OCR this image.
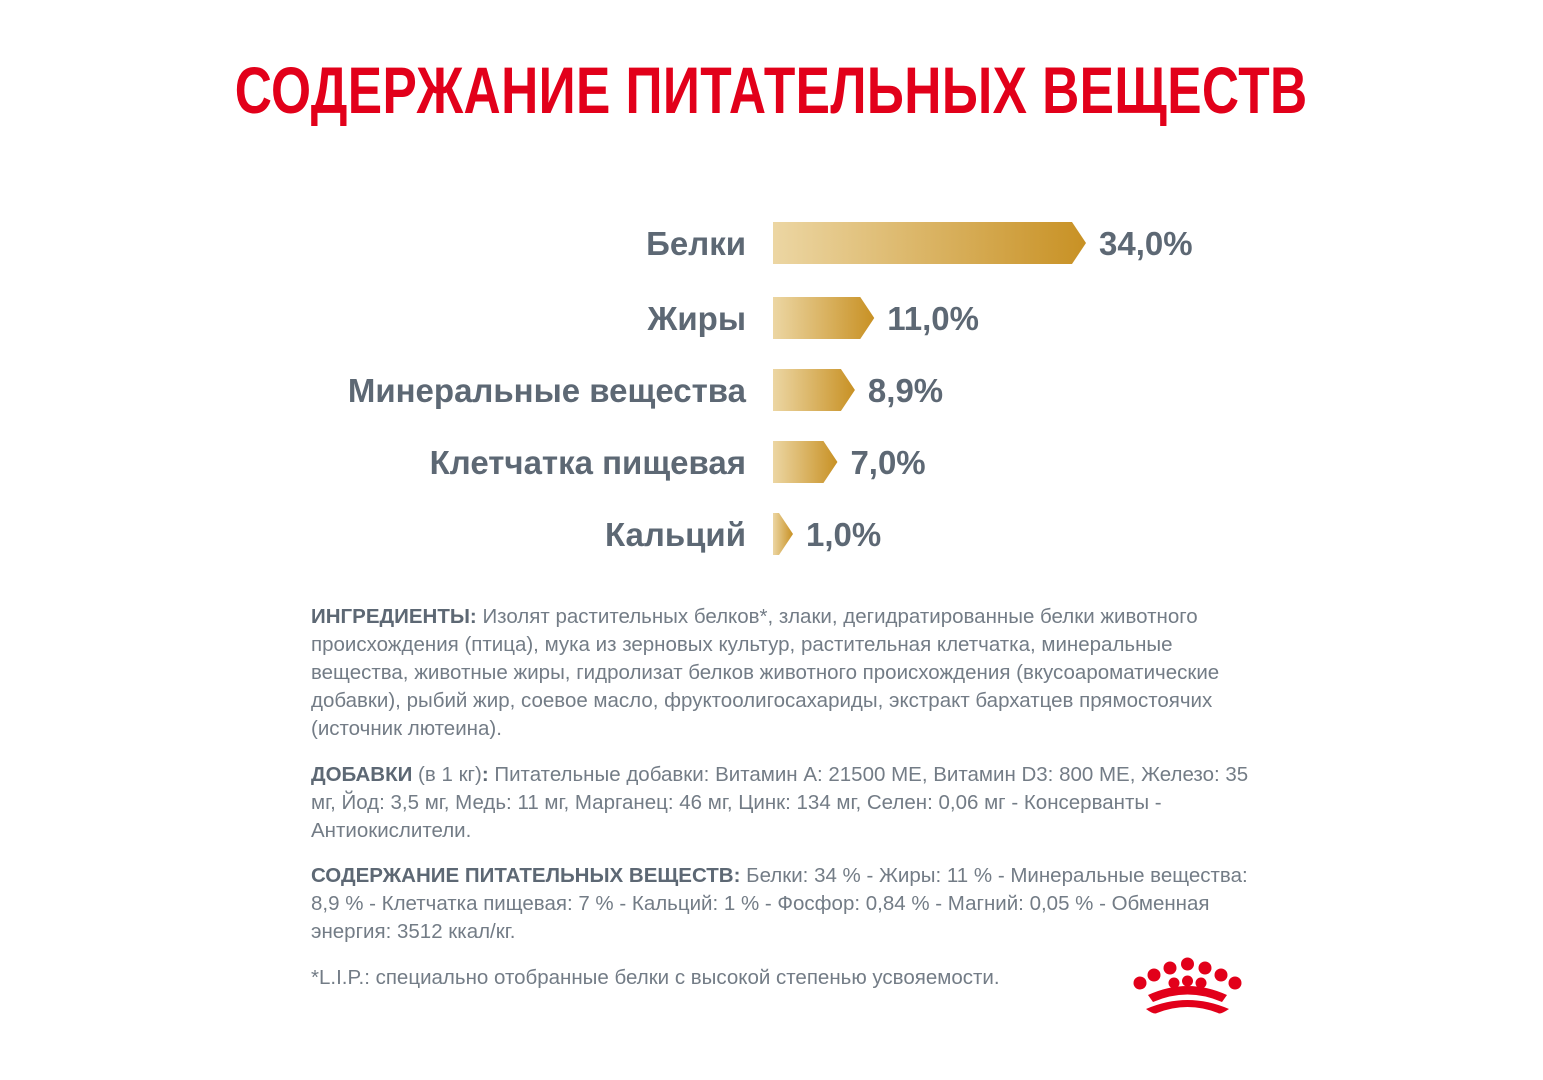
СОДЕРЖАНИЕ ПИТАТЕЛЬНЫХ ВЕЩЕСТВ
Белки	34,0%
Жиры	11,0%
Минеральные вещества	8,9%
Клетчатка пищевая	7,0%
Кальций 1,0%
ИНГРЕДИЕНТЫ: Изолят растительных белков*, злаки, дегидратированные белки животного происхождения (птица), мука из зерновых культур, растительная клетчатка, минеральные вещества, животные жиры, гидролизат белков животного происхождения (вкусоароматические добавки), рыбий жир, соевое масло, фруктоолигосахариды, экстракт бархатцев прямостоячих (источник лютеина).
ДОБАВКИ (в 1 кг): Питательные добавки: Витамин А: 21500 МЕ, Витамин D3: 800 МЕ, Железо: 35 мг, Йод: 3,5 мг, Медь: 11 мг, Марганец: 46 мг, Цинк: 134 мг, Селен: 0,06 мг - Консерванты - Антиокислители.
СОДЕРЖАНИЕ ПИТАТЕЛЬНЫХ ВЕЩЕСТВ: Белки: 34 % - Жиры: 11 % - Минеральные вещества: 8,9 % - Клетчатка пищевая: 7 % - Кальций: 1 % - Фосфор: 0,84 % - Магний: 0,05 % - Обменная энергия: 3512 ккал/кг.
*L.I.P.: специально отобранные белки с высокой степенью усвояемости.
